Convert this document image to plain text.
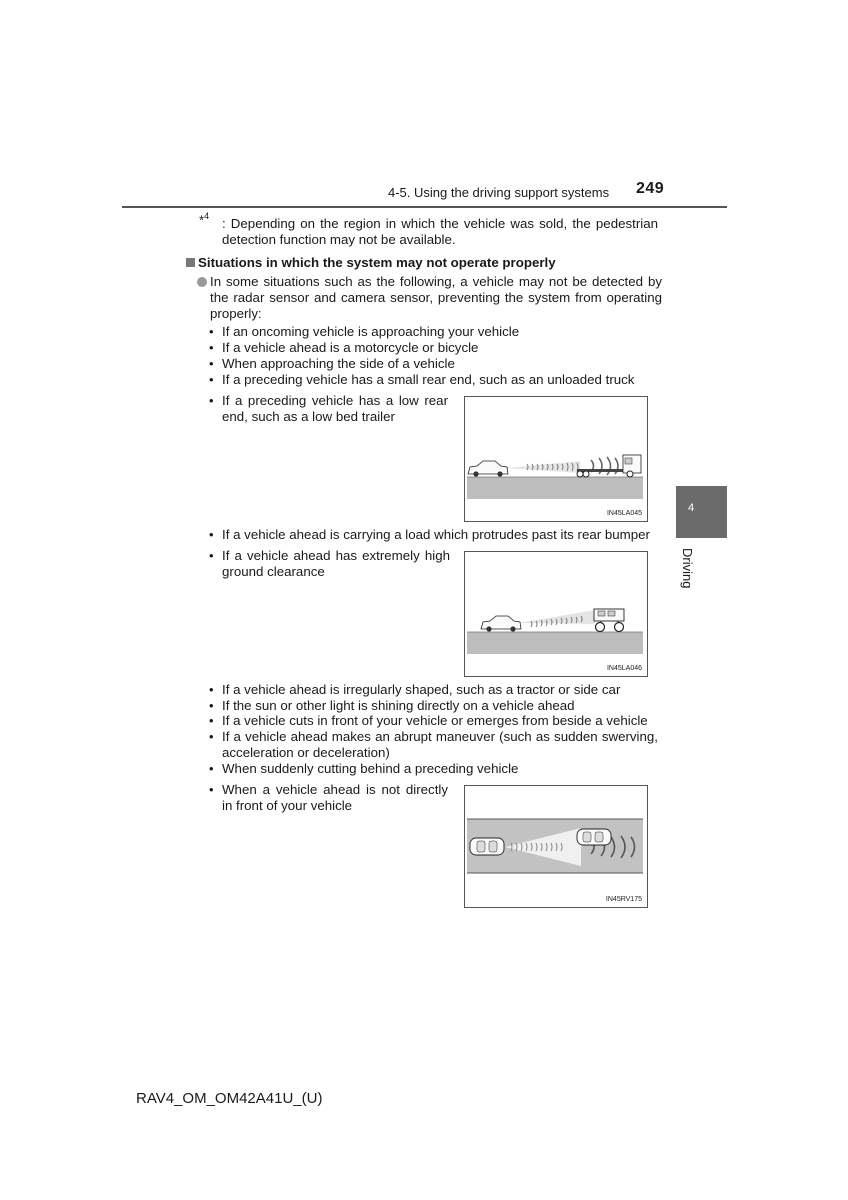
4-5. Using the driving support systems 249
4
Driving
*$^4$ : Depending on the region in which the vehicle was sold, the pedestrian detection function may not be available.
Situations in which the system may not operate properly
In some situations such as the following, a vehicle may not be detected by the radar sensor and camera sensor, preventing the system from operating properly:
• If an oncoming vehicle is approaching your vehicle
• If a vehicle ahead is a motorcycle or bicycle
• When approaching the side of a vehicle
• If a preceding vehicle has a small rear end, such as an unloaded truck
• If a preceding vehicle has a low rear end, such as a low bed trailer
IN45LA045
• If a vehicle ahead is carrying a load which protrudes past its rear bumper
• If a vehicle ahead has extremely high ground clearance
IN45LA046
• If a vehicle ahead is irregularly shaped, such as a tractor or side car
• If the sun or other light is shining directly on a vehicle ahead
• If a vehicle cuts in front of your vehicle or emerges from beside a vehicle
• If a vehicle ahead makes an abrupt maneuver (such as sudden swerving, acceleration or deceleration)
• When suddenly cutting behind a preceding vehicle
• When a vehicle ahead is not directly in front of your vehicle
IN45RV175
RAV4_OM_OM42A41U_(U)
